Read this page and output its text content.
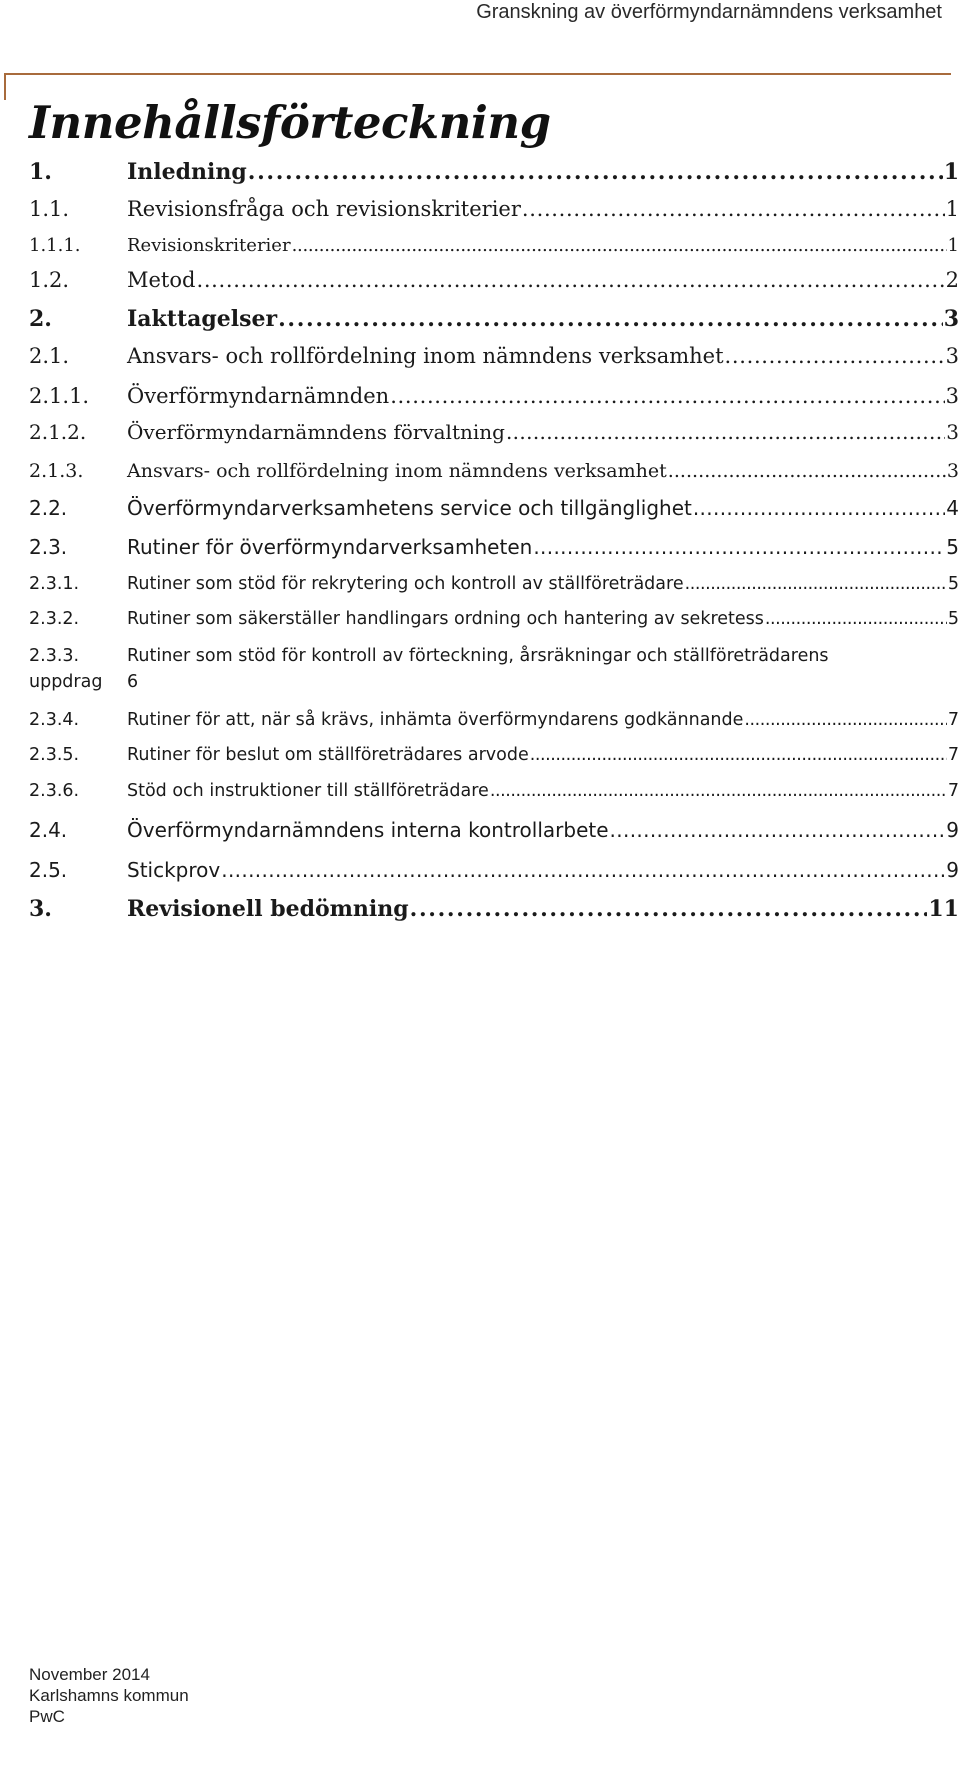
Granskning av överförmyndarnämndens verksamhet
Innehållsförteckning
1.	Inledning . . .	1
1.1.	Revisionsfråga och revisionskriterier . . .	1
1.1.1.	Revisionskriterier . . .	1
1.2.	Metod . . .	2
2.	Iakttagelser . . .	3
2.1.	Ansvars- och rollfördelning inom nämndens verksamhet . . .	3
2.1.1.	Överförmyndarnämnden . . .	3
2.1.2.	Överförmyndarnämndens förvaltning . . .	3
2.1.3.	Ansvars- och rollfördelning inom nämndens verksamhet . . .	3
2.2.	Överförmyndarverksamhetens service och tillgänglighet . . .	4
2.3.	Rutiner för överförmyndarverksamheten . . .	5
2.3.1.	Rutiner som stöd för rekrytering och kontroll av ställföreträdare . . .	5
2.3.2.	Rutiner som säkerställer handlingars ordning och hantering av sekretess . . .	5
2.3.3.	Rutiner som stöd för kontroll av förteckning, årsräkningar och ställföreträdarens
uppdrag	6
2.3.4.	Rutiner för att, när så krävs, inhämta överförmyndarens godkännande . . .	7
2.3.5.	Rutiner för beslut om ställföreträdares arvode . . .	7
2.3.6.	Stöd och instruktioner till ställföreträdare . . .	7
2.4.	Överförmyndarnämndens interna kontrollarbete . . .	9
2.5.	Stickprov . . .	9
3.	Revisionell bedömning . . .	11
November 2014
Karlshamns kommun
PwC
